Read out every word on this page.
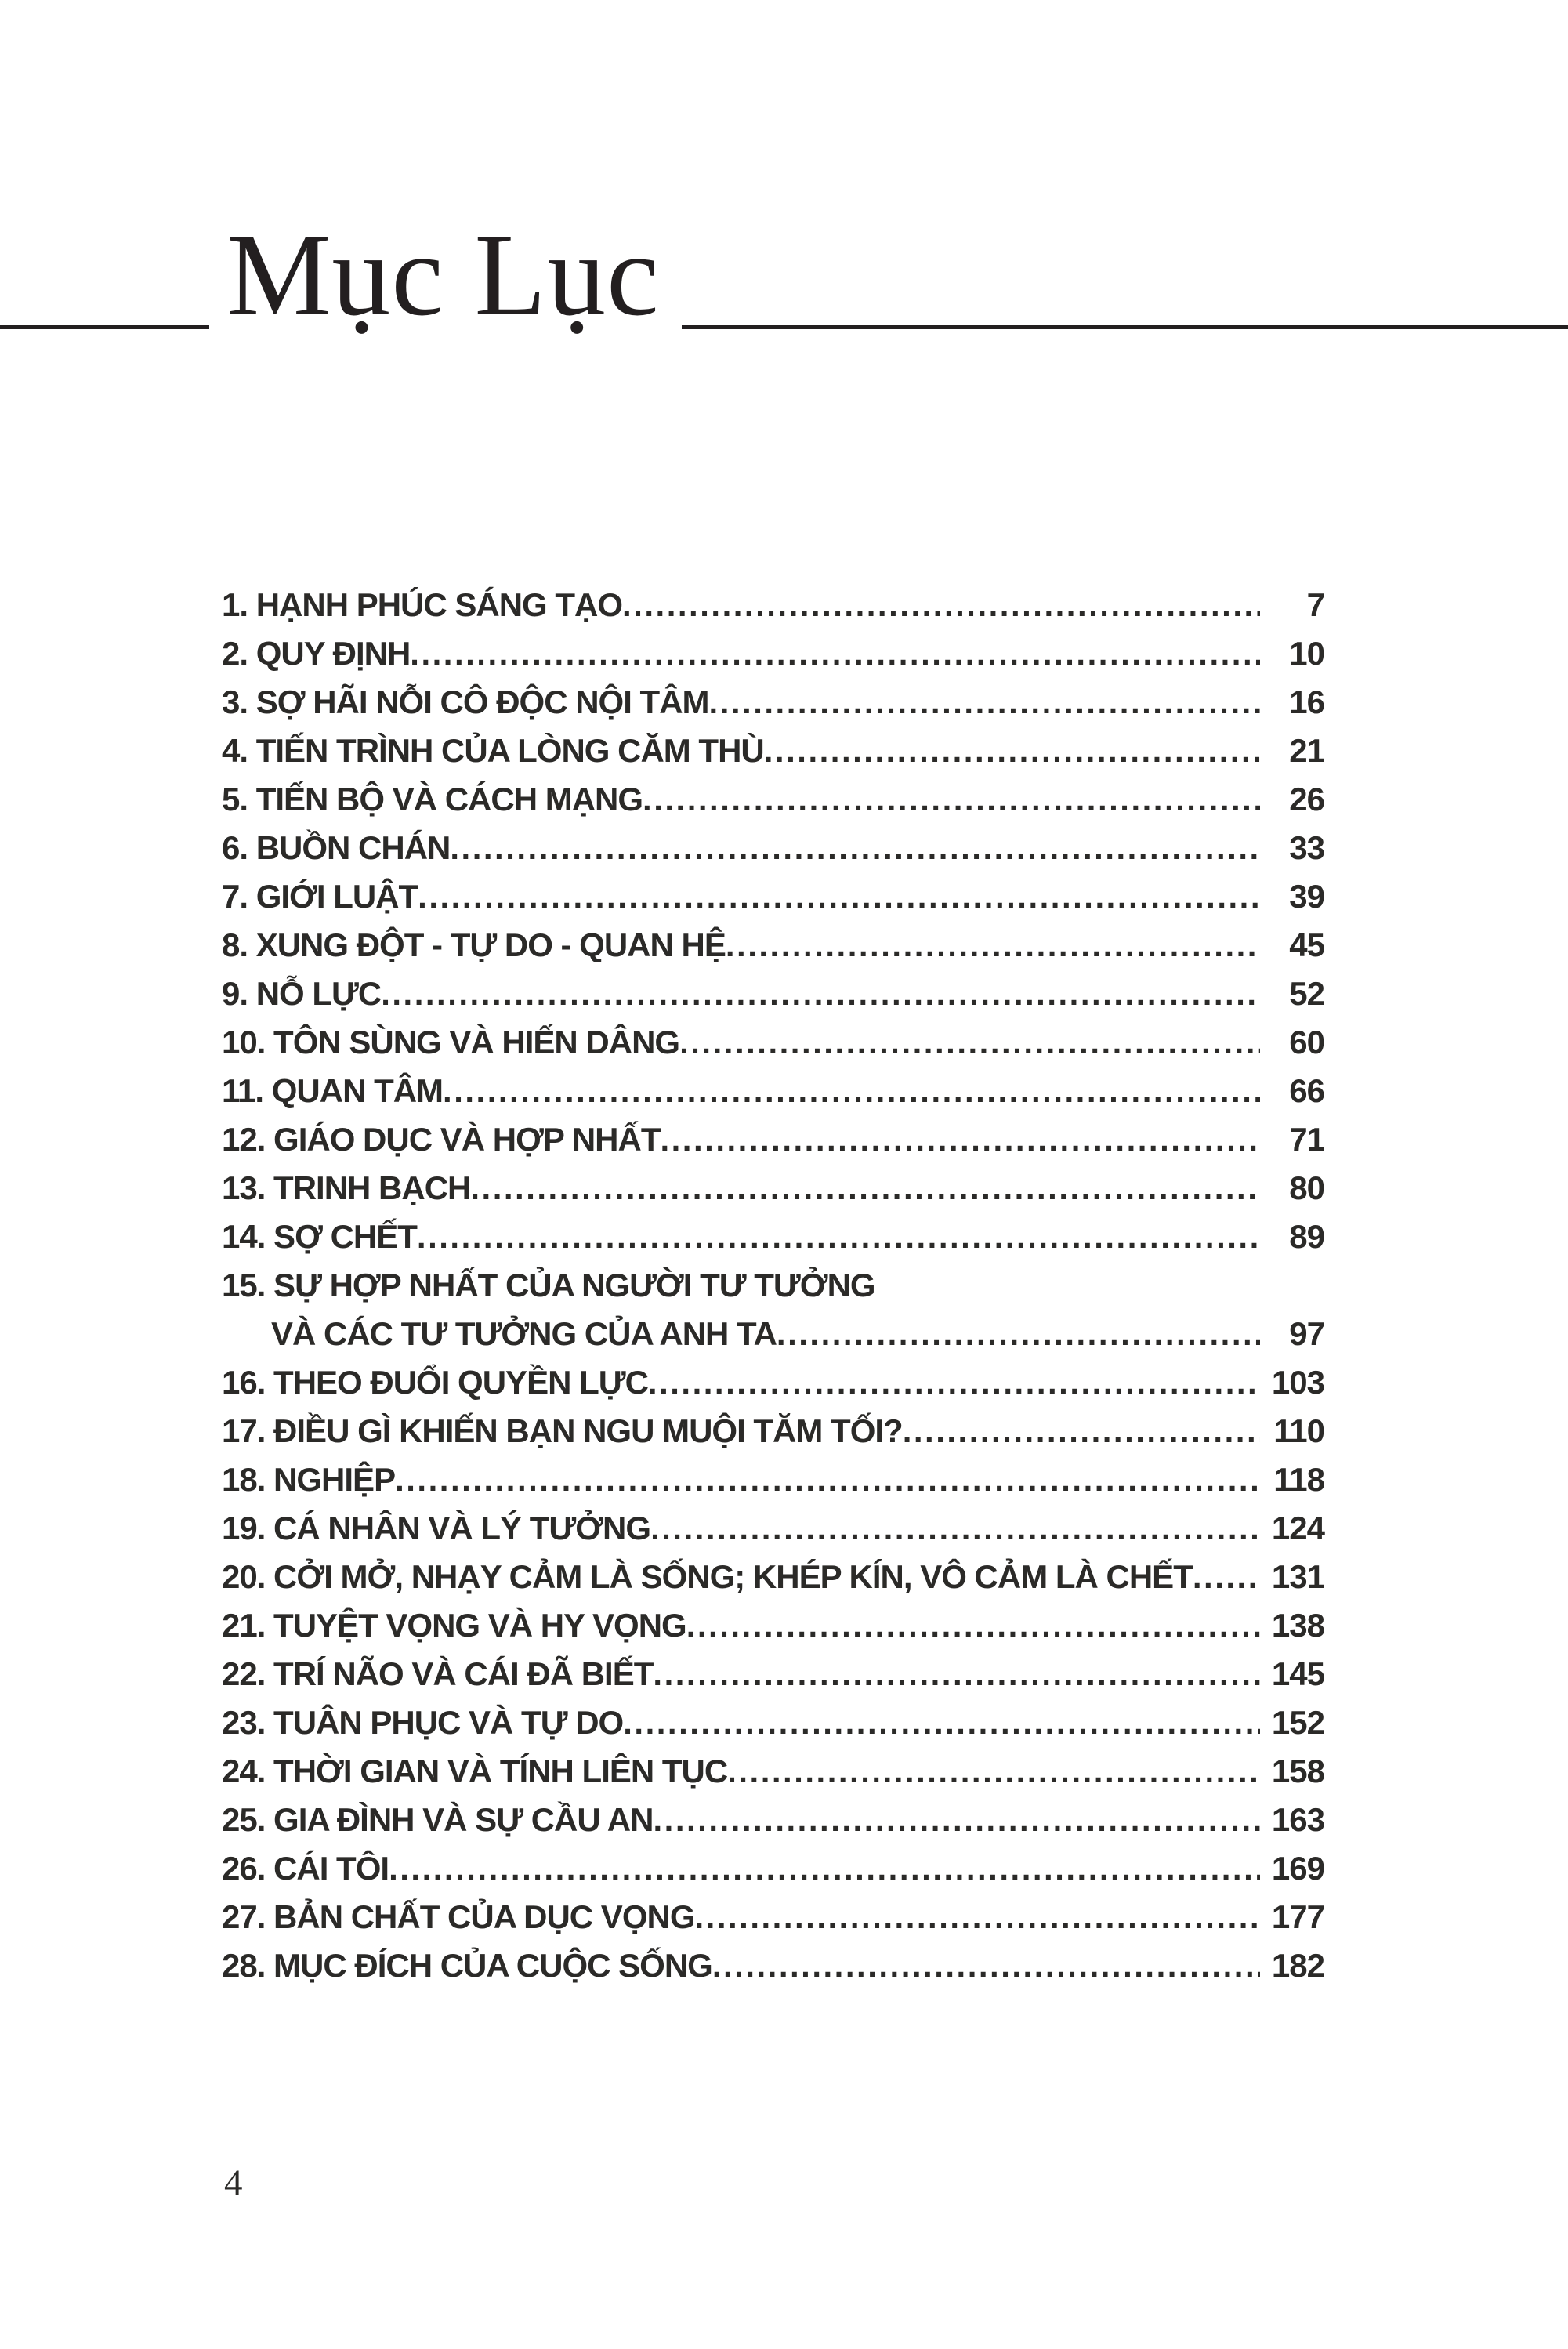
Mục Lục
1. HẠNH PHÚC SÁNG TẠO .....	7
2. QUY ĐỊNH .....	10
3. SỢ HÃI NỖI CÔ ĐỘC NỘI TÂM .....	16
4. TIẾN TRÌNH CỦA LÒNG CĂM THÙ .....	21
5. TIẾN BỘ VÀ CÁCH MẠNG .....	26
6. BUỒN CHÁN .....	33
7. GIỚI LUẬT .....	39
8. XUNG ĐỘT - TỰ DO - QUAN HỆ .....	45
9. NỖ LỰC .....	52
10. TÔN SÙNG VÀ HIẾN DÂNG .....	60
11. QUAN TÂM .....	66
12. GIÁO DỤC VÀ HỢP NHẤT .....	71
13. TRINH BẠCH .....	80
14. SỢ CHẾT .....	89
15. SỰ HỢP NHẤT CỦA NGƯỜI TƯ TƯỞNG
VÀ CÁC TƯ TƯỞNG CỦA ANH TA .....	97
16. THEO ĐUỔI QUYỀN LỰC .....	103
17. ĐIỀU GÌ KHIẾN BẠN NGU MUỘI TĂM TỐI? .....	110
18. NGHIỆP .....	118
19. CÁ NHÂN VÀ LÝ TƯỞNG .....	124
20. CỞI MỞ, NHẠY CẢM LÀ SỐNG; KHÉP KÍN, VÔ CẢM LÀ CHẾT .....	131
21. TUYỆT VỌNG VÀ HY VỌNG .....	138
22. TRÍ NÃO VÀ CÁI ĐÃ BIẾT .....	145
23. TUÂN PHỤC VÀ TỰ DO .....	152
24. THỜI GIAN VÀ TÍNH LIÊN TỤC .....	158
25. GIA ĐÌNH VÀ SỰ CẦU AN .....	163
26. CÁI TÔI .....	169
27. BẢN CHẤT CỦA DỤC VỌNG .....	177
28. MỤC ĐÍCH CỦA CUỘC SỐNG .....	182
4
